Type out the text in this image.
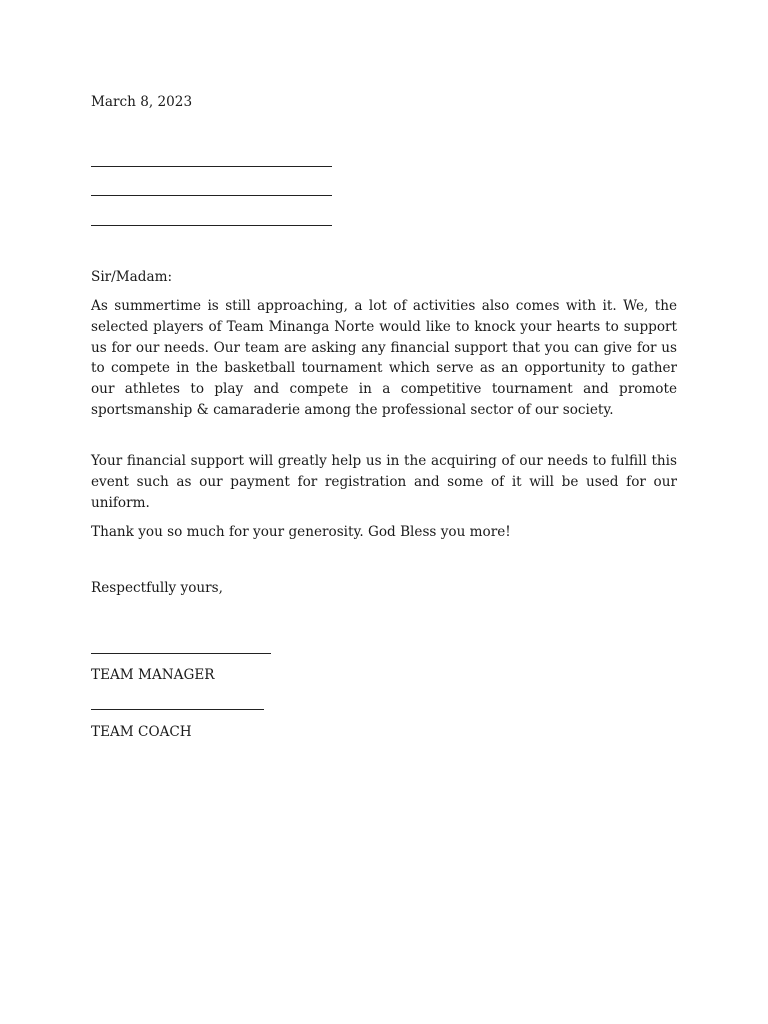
March 8, 2023
Sir/Madam:

As summertime is still approaching, a lot of activities also comes with it. We, the selected players of Team Minanga Norte would like to knock your hearts to support us for our needs. Our team are asking any financial support that you can give for us to compete in the basketball tournament which serve as an opportunity to gather our athletes to play and compete in a competitive tournament and promote sportsmanship & camaraderie among the professional sector of our society.

Your financial support will greatly help us in the acquiring of our needs to fulfill this event such as our payment for registration and some of it will be used for our uniform.

Thank you so much for your generosity. God Bless you more!

Respectfully yours,
TEAM MANAGER
TEAM COACH
